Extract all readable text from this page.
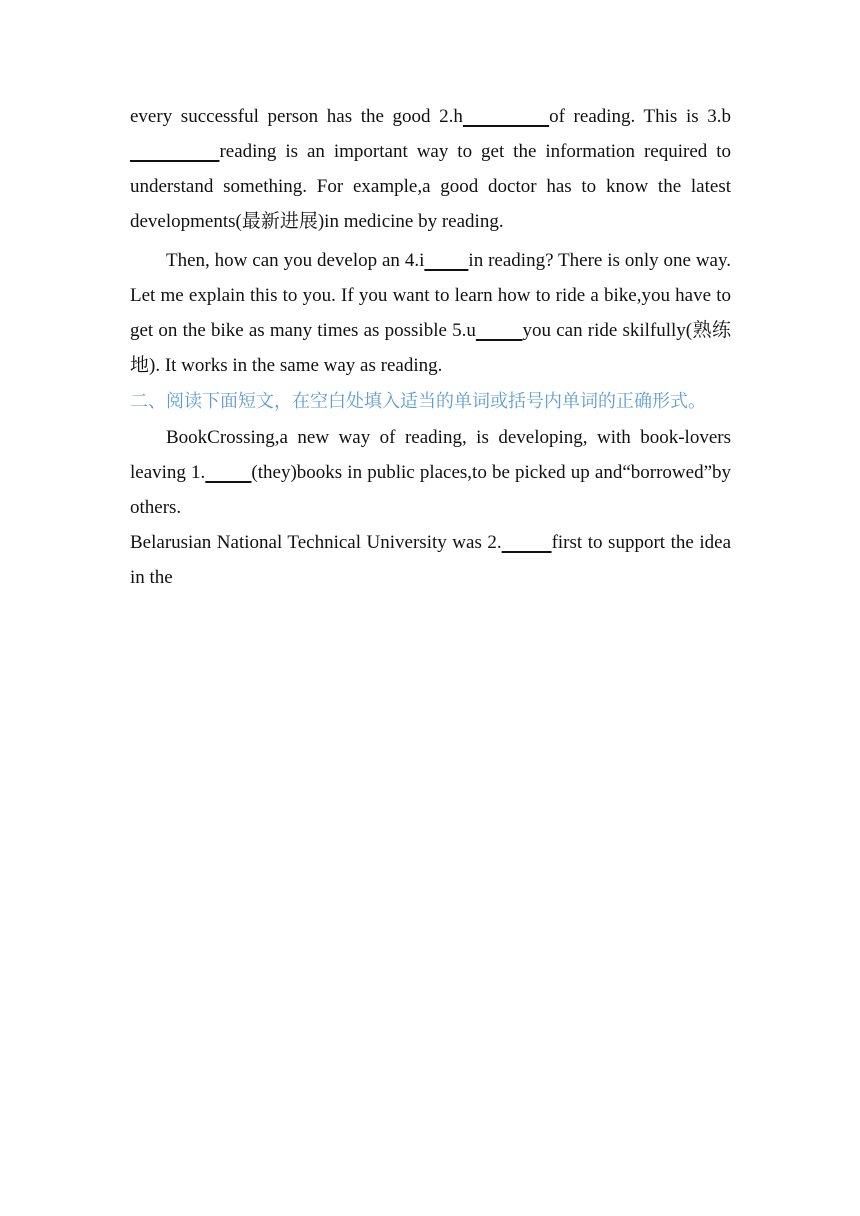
every successful person has the good 2.h	of reading. This is 3.b          reading is an important way to get the information required to understand something. For example,a good doctor has to know the latest developments(最新进展)in medicine by reading.

Then, how can you develop an 4.i in reading? There is only one way. Let me explain this to you. If you want to learn how to ride a bike,you have to get on the bike as many times as possible 5.u you can ride skilfully(熟练地). It works in the same way as reading.

二、阅读下面短文，在空白处填入适当的单词或括号内单词的正确形式。

BookCrossing,a new way of reading, is developing, with book-lovers leaving 1. (they)books in public places,to be picked up and“borrowed”by others.

Belarusian National Technical University was 2.	first to support the idea in the
